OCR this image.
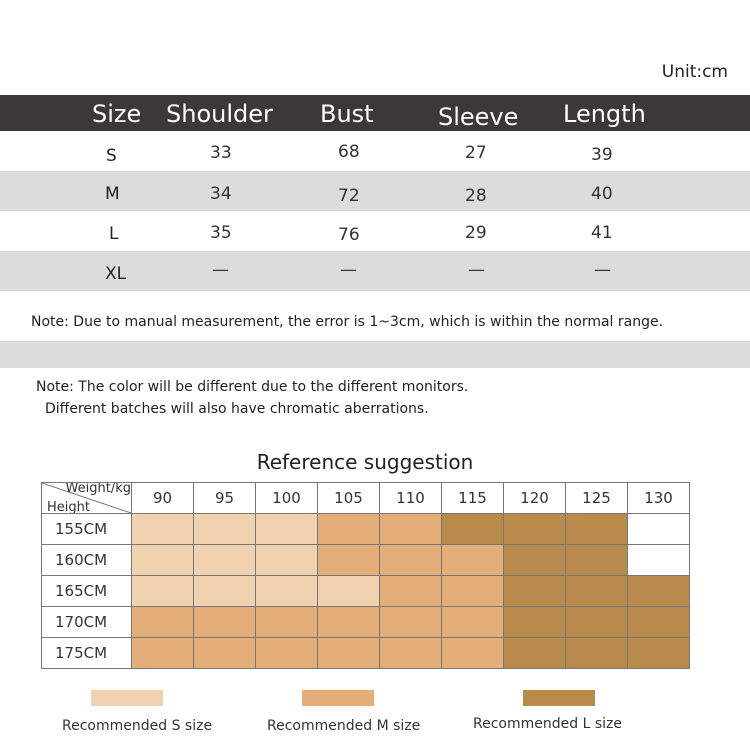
Unit:cm
Size Shoulder Bust	Sleeve Length
S	33	68	27	39
M	34	72	28	40
L	35	76	29	41
XL	—	—	—	—
Note: Due to manual measurement, the error is 1~3cm, which is within the normal range.
Note: The color will be different due to the different monitors.
Different batches will also have chromatic aberrations.
Reference suggestion
Weight/kg
Height	90	95	100	105	110	115	120	125	130
155CM									
160CM									
165CM									
170CM									
175CM									
Recommended S size	Recommended M size	Recommended L size
